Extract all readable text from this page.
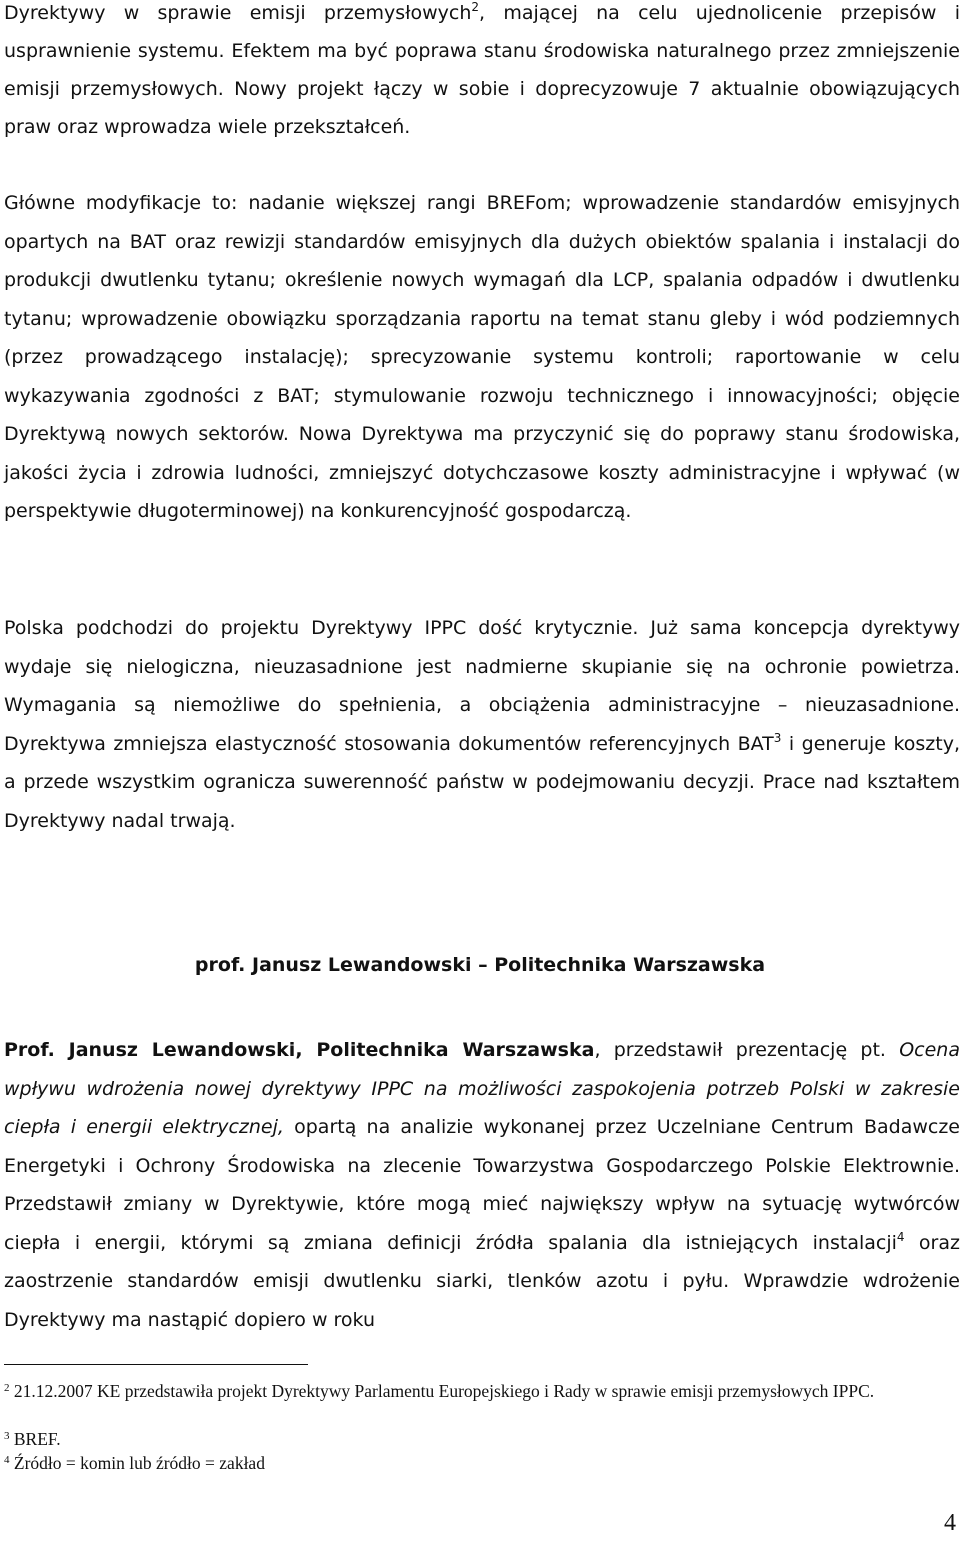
Dyrektywy w sprawie emisji przemysłowych$^2$, mającej na celu ujednolicenie przepisów i usprawnienie systemu. Efektem ma być poprawa stanu środowiska naturalnego przez zmniejszenie emisji przemysłowych. Nowy projekt łączy w sobie i doprecyzowuje 7 aktualnie obowiązujących praw oraz wprowadza wiele przekształceń.

Główne modyfikacje to: nadanie większej rangi BREFom; wprowadzenie standardów emisyjnych opartych na BAT oraz rewizji standardów emisyjnych dla dużych obiektów spalania i instalacji do produkcji dwutlenku tytanu; określenie nowych wymagań dla LCP, spalania odpadów i dwutlenku tytanu; wprowadzenie obowiązku sporządzania raportu na temat stanu gleby i wód podziemnych (przez prowadzącego instalację); sprecyzowanie systemu kontroli; raportowanie w celu wykazywania zgodności z BAT; stymulowanie rozwoju technicznego i innowacyjności; objęcie Dyrektywą nowych sektorów. Nowa Dyrektywa ma przyczynić się do poprawy stanu środowiska, jakości życia i zdrowia ludności, zmniejszyć dotychczasowe koszty administracyjne i wpływać (w perspektywie długoterminowej) na konkurencyjność gospodarczą.

Polska podchodzi do projektu Dyrektywy IPPC dość krytycznie. Już sama koncepcja dyrektywy wydaje się nielogiczna, nieuzasadnione jest nadmierne skupianie się na ochronie powietrza. Wymagania są niemożliwe do spełnienia, a obciążenia administracyjne – nieuzasadnione. Dyrektywa zmniejsza elastyczność stosowania dokumentów referencyjnych BAT$^3$ i generuje koszty, a przede wszystkim ogranicza suwerenność państw w podejmowaniu decyzji. Prace nad kształtem Dyrektywy nadal trwają.

prof. Janusz Lewandowski – Politechnika Warszawska

Prof. Janusz Lewandowski, Politechnika Warszawska, przedstawił prezentację pt. Ocena wpływu wdrożenia nowej dyrektywy IPPC na możliwości zaspokojenia potrzeb Polski w zakresie ciepła i energii elektrycznej, opartą na analizie wykonanej przez Uczelniane Centrum Badawcze Energetyki i Ochrony Środowiska na zlecenie Towarzystwa Gospodarczego Polskie Elektrownie. Przedstawił zmiany w Dyrektywie, które mogą mieć największy wpływ na sytuację wytwórców ciepła i energii, którymi są zmiana definicji źródła spalania dla istniejących instalacji$^4$ oraz zaostrzenie standardów emisji dwutlenku siarki, tlenków azotu i pyłu. Wprawdzie wdrożenie Dyrektywy ma nastąpić dopiero w roku

$^2$ 21.12.2007 KE przedstawiła projekt Dyrektywy Parlamentu Europejskiego i Rady w sprawie emisji przemysłowych IPPC.

$^3$ BREF.

$^4$ Źródło = komin lub źródło = zakład

4
